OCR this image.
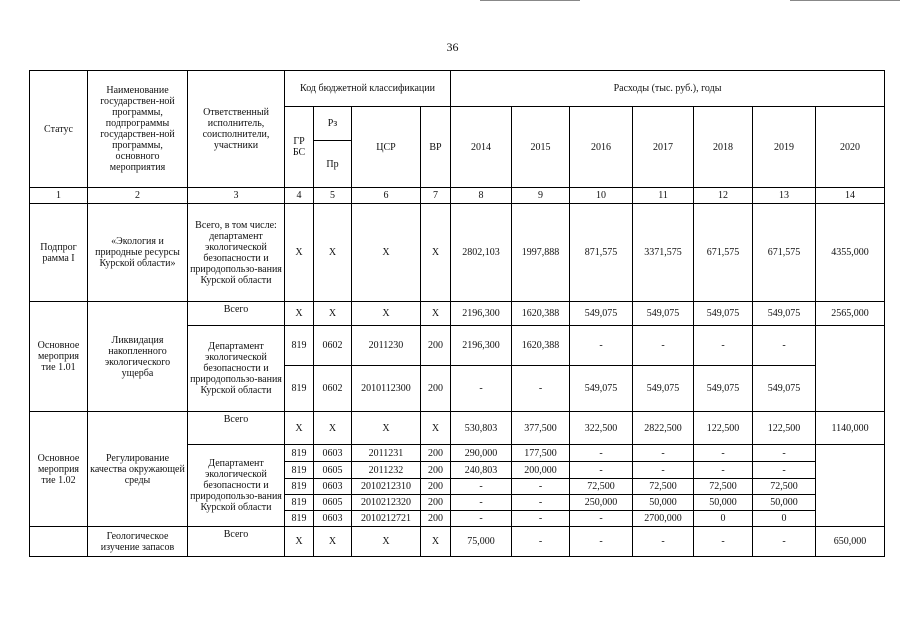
36
Статус	Наименование государствен-ной программы, подпрограммы государствен-ной программы, основного мероприятия	Ответственный исполнитель, соисполнители, участники	Код бюджетной классификации				Расходы (тыс. руб.), годы						
			ГР БС	Рз	ЦСР	ВР	2014	2015	2016	2017	2018	2019	2020
				Пр									
1	2	3	4	5	6	7	8	9	10	11	12	13	14
Подпрог рамма I	«Экология и природные ресурсы Курской области»	Всего, в том числе: департамент экологической безопасности и природопользо-вания Курской области	X	X	X	X	2802,103	1997,888	871,575	3371,575	671,575	671,575	4355,000
Основное мероприя тие 1.01	Ликвидация накопленного экологического ущерба	Всего	X	X	X	X	2196,300	1620,388	549,075	549,075	549,075	549,075	2565,000
		Департамент экологической безопасности и природопользо-вания Курской области	819	0602	2011230	200	2196,300	1620,388	-	-	-	-	
			819	0602	2010112300	200	-	-	549,075	549,075	549,075	549,075	
Основное мероприя тие 1.02	Регулирование качества окружающей среды	Всего	X	X	X	X	530,803	377,500	322,500	2822,500	122,500	122,500	1140,000
		Департамент экологической безопасности и природопользо-вания Курской области	819	0603	2011231	200	290,000	177,500	-	-	-	-	
			819	0605	2011232	200	240,803	200,000	-	-	-	-	
			819	0603	2010212310	200	-	-	72,500	72,500	72,500	72,500	
			819	0605	2010212320	200	-	-	250,000	50,000	50,000	50,000	
			819	0603	2010212721	200	-	-	-	2700,000	0	0	
	Геологическое изучение запасов	Всего	X	X	X	X	75,000	-	-	-	-	-	650,000
